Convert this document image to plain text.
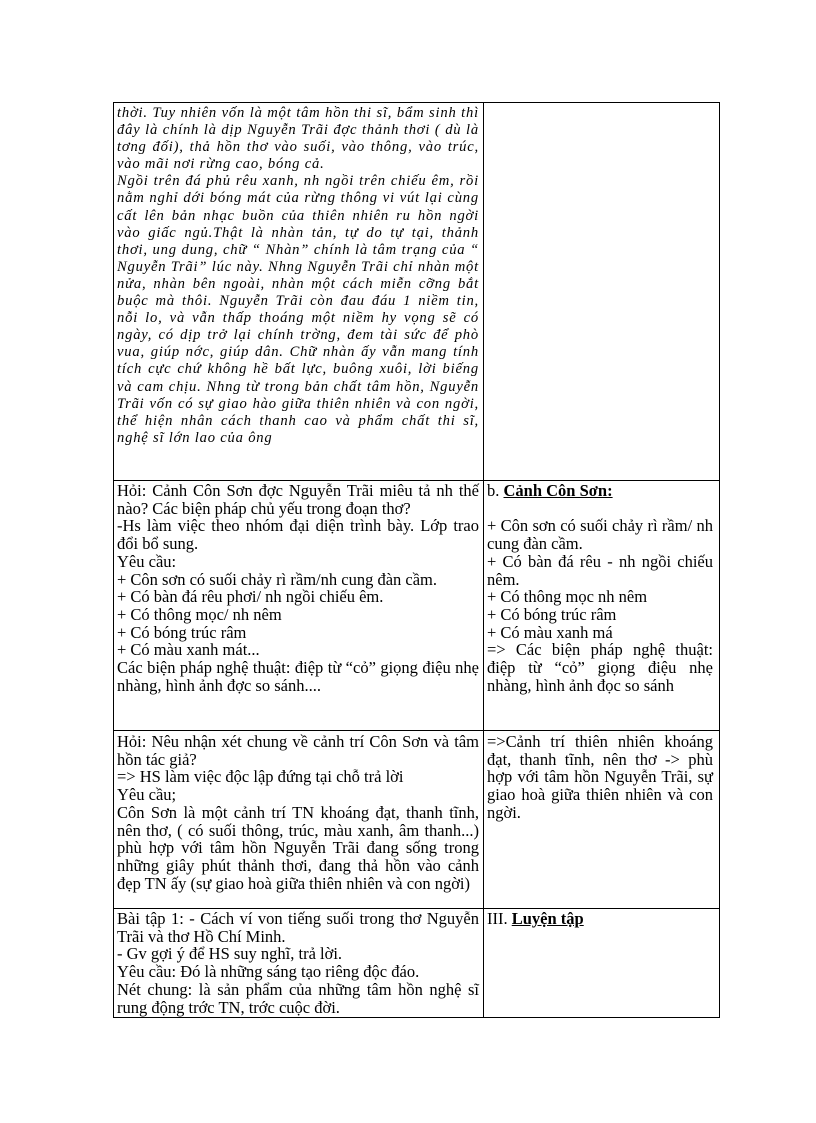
thời. Tuy nhiên vốn là một tâm hồn thi sĩ, bẩm sinh thì đây là chính là dịp Nguyễn Trãi đợc thảnh thơi ( dù là tơng đối), thả hồn thơ vào suối, vào thông, vào trúc, vào mãi nơi rừng cao, bóng cả.

Ngồi trên đá phủ rêu xanh, nh ngồi trên chiếu êm, rồi nằm nghỉ dới bóng mát của rừng thông vi vút lại cùng cất lên bản nhạc buồn của thiên nhiên ru hồn ngời vào giấc ngủ.Thật là nhàn tản, tự do tự tại, thảnh thơi, ung dung, chữ “ Nhàn” chính là tâm trạng của “ Nguyễn Trãi” lúc này. Nhng Nguyễn Trãi chỉ nhàn một nửa, nhàn bên ngoài, nhàn một cách miễn cỡng bắt buộc mà thôi. Nguyễn Trãi còn đau đáu 1 niềm tin, nỗi lo, và vẫn thấp thoáng một niềm hy vọng sẽ có ngày, có dịp trở lại chính trờng, đem tài sức để phò vua, giúp nớc, giúp dân. Chữ nhàn ấy vẫn mang tính tích cực chứ không hề bất lực, buông xuôi, lời biếng và cam chịu. Nhng từ trong bản chất tâm hồn, Nguyễn Trãi vốn có sự giao hào giữa thiên nhiên và con ngời, thể hiện nhân cách thanh cao và phẩm chất thi sĩ, nghệ sĩ lớn lao của ông

Hỏi: Cảnh Côn Sơn đợc Nguyễn Trãi miêu tả nh thế nào? Các biện pháp chủ yếu trong đoạn thơ?

-Hs làm việc theo nhóm đại diện trình bày. Lớp trao đổi bổ sung.

Yêu cầu:

+ Côn sơn có suối chảy rì rầm/nh cung đàn cầm.

+ Có bàn đá rêu phơi/ nh ngồi chiếu êm.

+ Có thông mọc/ nh nêm

+ Có bóng trúc râm

+ Có màu xanh mát...

Các biện pháp nghệ thuật: điệp từ “cỏ” giọng điệu nhẹ nhàng, hình ảnh đợc so sánh....

b. Cảnh Côn Sơn:

+ Côn sơn có suối chảy rì rầm/ nh cung đàn cầm.

+ Có bàn đá rêu - nh ngồi chiếu nêm.

+ Có thông mọc nh nêm

+ Có bóng trúc râm

+ Có màu xanh má

=> Các biện pháp nghệ thuật: điệp từ “cỏ” giọng điệu nhẹ nhàng, hình ảnh đọc so sánh

Hỏi: Nêu nhận xét chung về cảnh trí Côn Sơn và tâm hồn tác giả?

=> HS làm việc độc lập đứng tại chỗ trả lời

Yêu cầu;

Côn Sơn là một cảnh trí TN khoáng đạt, thanh tĩnh, nên thơ, ( có suối thông, trúc, màu xanh, âm thanh...) phù hợp với tâm hồn Nguyễn Trãi đang sống trong những giây phút thảnh thơi, đang thả hồn vào cảnh đẹp TN ấy (sự giao hoà giữa thiên nhiên và con ngời)

=>Cảnh trí thiên nhiên khoáng đạt, thanh tĩnh, nên thơ -> phù hợp với tâm hồn Nguyễn Trãi, sự giao hoà giữa thiên nhiên và con ngời.

Bài tập 1: - Cách ví von tiếng suối trong thơ Nguyễn Trãi và thơ Hồ Chí Minh.

- Gv gợi ý để HS suy nghĩ, trả lời.

Yêu cầu: Đó là những sáng tạo riêng độc đáo.

Nét chung: là sản phẩm của những tâm hồn nghệ sĩ rung động trớc TN, trớc cuộc đời.

III. Luyện tập
